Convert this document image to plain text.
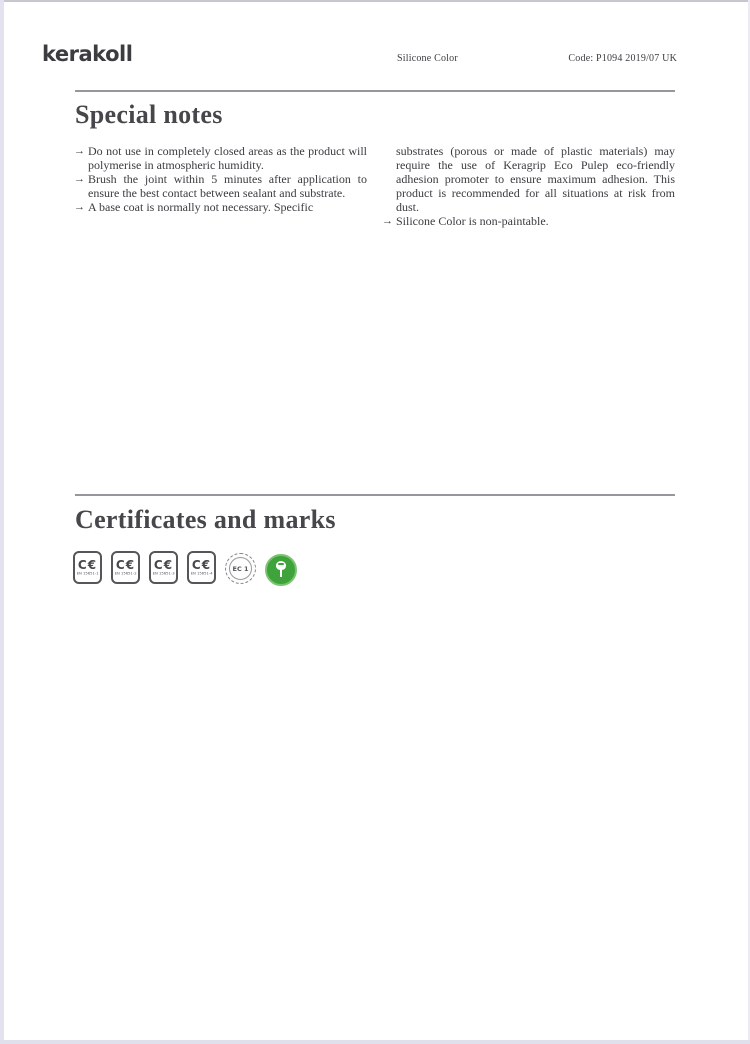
kerakoll	Silicone Color	Code: P1094 2019/07 UK
Special notes
→ Do not use in completely closed areas as the product will polymerise in atmospheric humidity.
→ Brush the joint within 5 minutes after application to ensure the best contact between sealant and substrate.
→ A base coat is normally not necessary. Specific
substrates (porous or made of plastic materials) may require the use of Keragrip Eco Pulep eco-friendly adhesion promoter to ensure maximum adhesion. This product is recommended for all situations at risk from dust.
→ Silicone Color is non-paintable.
Certificates and marks
C€
EN 15651-1
C€
EN 15651-2
C€
EN 15651-3
C€
EN 15651-4
EC 1
